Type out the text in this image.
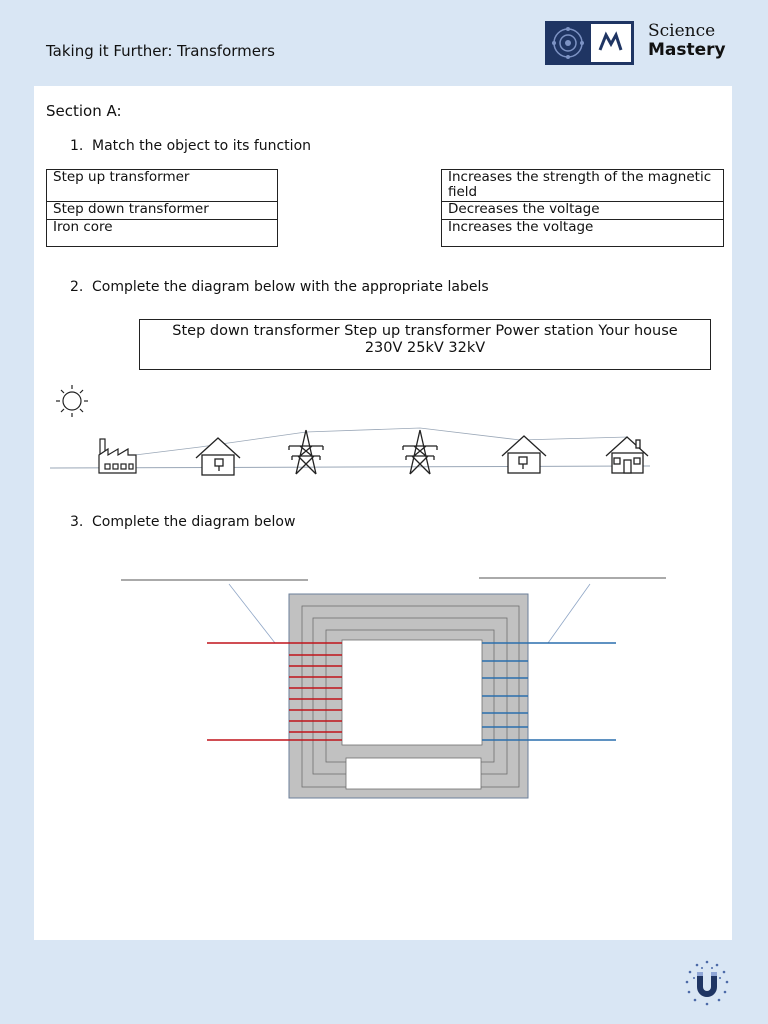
Taking it Further: Transformers
Science
Mastery
Section A:
1. Match the object to its function
Step up transformer
Step down transformer
Iron core
Increases the strength of the magnetic field
Decreases the voltage
Increases the voltage
2. Complete the diagram below with the appropriate labels
Step down transformer Step up transformer Power station Your house
230V 25kV 32kV
3. Complete the diagram below
